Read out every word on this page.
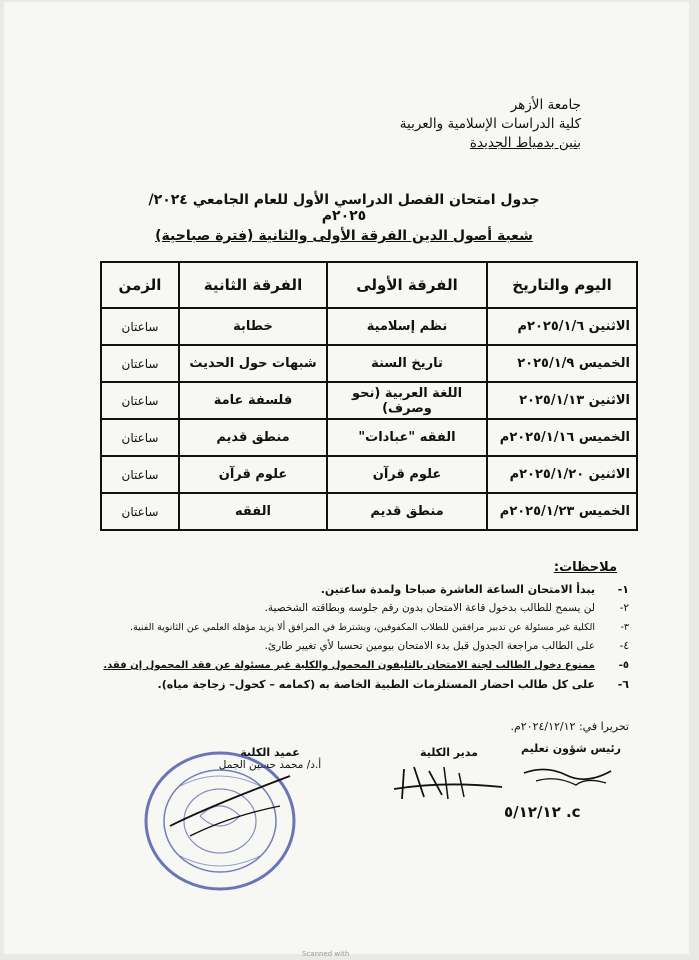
جامعة الأزهر
كلية الدراسات الإسلامية والعربية
بنين بدمياط الجديدة
جدول امتحان الفصل الدراسي الأول للعام الجامعي ٢٠٢٤/ ٢٠٢٥م
شعبة أصول الدين الفرقة الأولى والثانية (فترة صباحية)
اليوم والتاريخ	الفرقة الأولى	الفرقة الثانية	الزمن
الاثنين ٢٠٢٥/١/٦م	نظم إسلامية	خطابة	ساعتان
الخميس ٢٠٢٥/١/٩	تاريخ السنة	شبهات حول الحديث	ساعتان
الاثنين ٢٠٢٥/١/١٣	اللغة العربية (نحو وصرف)	فلسفة عامة	ساعتان
الخميس ٢٠٢٥/١/١٦م	الفقه "عبادات"	منطق قديم	ساعتان
الاثنين ٢٠٢٥/١/٢٠م	علوم قرآن	علوم قرآن	ساعتان
الخميس ٢٠٢٥/١/٢٣م	منطق قديم	الفقه	ساعتان
ملاحظات:
١-
يبدأ الامتحان الساعة العاشرة صباحا ولمدة ساعتين.
٢-
لن يسمح للطالب بدخول قاعة الامتحان بدون رقم جلوسه وبطاقته الشخصية.
٣-
الكلية غير مسئولة عن تدبير مرافقين للطلاب المكفوفين، ويشترط في المرافق ألا يزيد مؤهله العلمي عن الثانوية الفنية.
٤-
على الطالب مراجعة الجدول قبل بدء الامتحان بيومين تحسبا لأي تغيير طارئ.
٥-
ممنوع دخول الطالب لجنة الامتحان بالتليفون المحمول والكلية غير مسئولة عن فقد المحمول إن فقد.
٦-
على كل طالب احضار المستلزمات الطبية الخاصة به (كمامه – كحول– زجاجة مياه).
تحريرا في: ٢٠٢٤/١٢/١٢م.
رئيس شؤون تعليم
مدير الكلية
c. ٥/١٢/١٢
عميد الكلية
أ.د/ محمد حسين الجمل
Scanned with
